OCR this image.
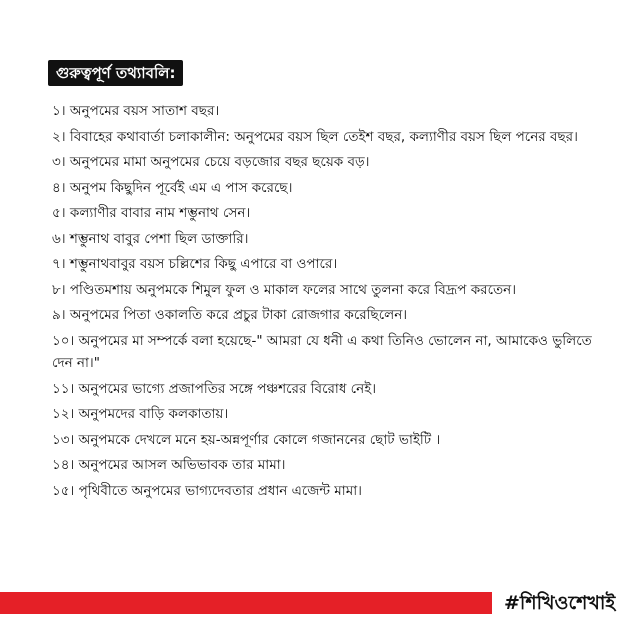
গুরুত্বপূর্ণ তথ্যাবলি:
১। অনুপমের বয়স সাতাশ বছর।
২। বিবাহের কথাবার্তা চলাকালীন: অনুপমের বয়স ছিল তেইশ বছর, কল্যাণীর বয়স ছিল পনের বছর।
৩। অনুপমের মামা অনুপমের চেয়ে বড়জোর বছর ছয়েক বড়।
৪। অনুপম কিছুদিন পূর্বেই এম এ পাস করেছে।
৫। কল্যাণীর বাবার নাম শম্ভুনাথ সেন।
৬। শম্ভুনাথ বাবুর পেশা ছিল ডাক্তারি।
৭। শম্ভুনাথবাবুর বয়স চল্লিশের কিছু এপারে বা ওপারে।
৮। পণ্ডিতমশায় অনুপমকে শিমুল ফুল ও মাকাল ফলের সাথে তুলনা করে বিদ্রূপ করতেন।
৯। অনুপমের পিতা ওকালতি করে প্রচুর টাকা রোজগার করেছিলেন।
১০। অনুপমের মা সম্পর্কে বলা হয়েছে-" আমরা যে ধনী এ কথা তিনিও ভোলেন না, আমাকেও ভুলিতে দেন না।"
১১। অনুপমের ভাগ্যে প্রজাপতির সঙ্গে পঞ্চশরের বিরোধ নেই।
১২। অনুপমদের বাড়ি কলকাতায়।
১৩। অনুপমকে দেখলে মনে হয়-অন্নপূর্ণার কোলে গজাননের ছোট ভাইটি ।
১৪। অনুপমের আসল অভিভাবক তার মামা।
১৫। পৃথিবীতে অনুপমের ভাগ্যদেবতার প্রধান এজেন্ট মামা।
#শিখিওশেখাই
